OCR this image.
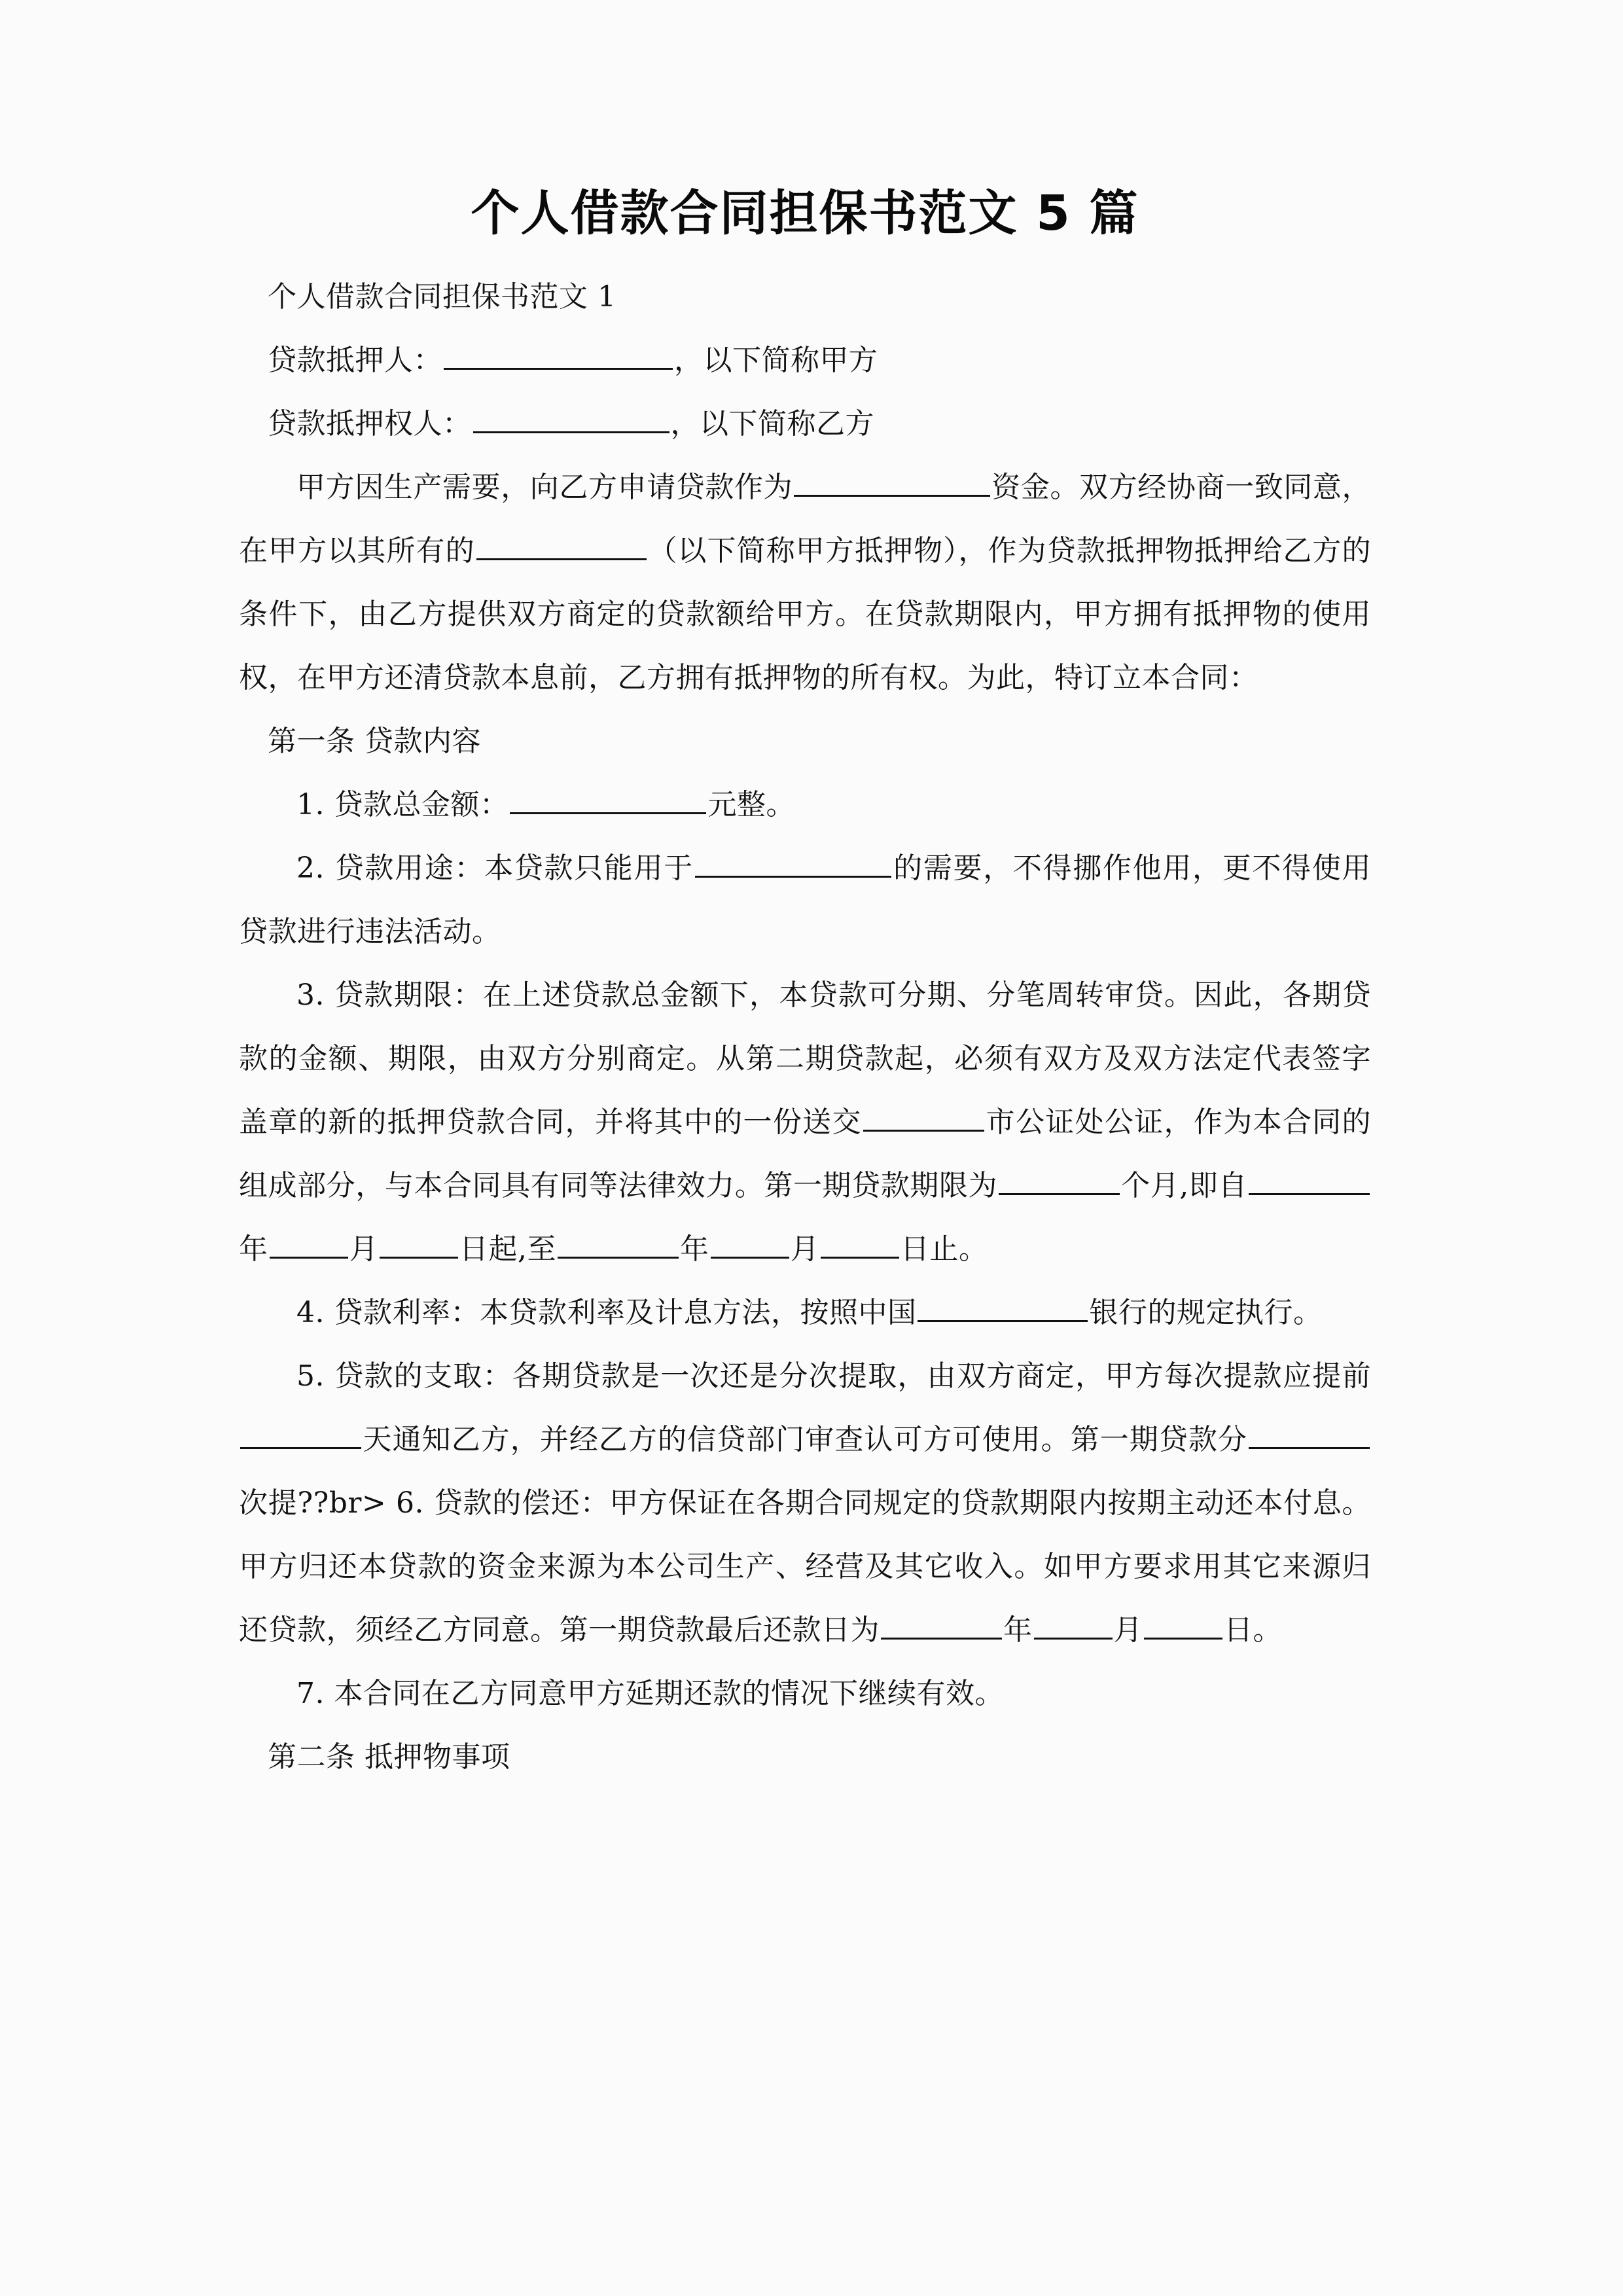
个人借款合同担保书范文 5 篇

个人借款合同担保书范文 1

贷款抵押人：	，以下简称甲方

贷款抵押权人：	，以下简称乙方

甲方因生产需要，向乙方申请贷款作为	资金。双方经协商一致同意，在甲方以其所有的	（以下简称甲方抵押物），作为贷款抵押物抵押给乙方的条件下，由乙方提供双方商定的贷款额给甲方。在贷款期限内，甲方拥有抵押物的使用权，在甲方还清贷款本息前，乙方拥有抵押物的所有权。为此，特订立本合同：

第一条 贷款内容

1. 贷款总金额：	元整。

2. 贷款用途：本贷款只能用于	的需要，不得挪作他用，更不得使用贷款进行违法活动。

3. 贷款期限：在上述贷款总金额下，本贷款可分期、分笔周转审贷。因此，各期贷款的金额、期限，由双方分别商定。从第二期贷款起，必须有双方及双方法定代表签字盖章的新的抵押贷款合同，并将其中的一份送交	市公证处公证，作为本合同的组成部分，与本合同具有同等法律效力。第一期贷款期限为	个月,即自年	月	日起,至	年	月	日止。

4. 贷款利率：本贷款利率及计息方法，按照中国	银行的规定执行。

5. 贷款的支取：各期贷款是一次还是分次提取，由双方商定，甲方每次提款应提前天通知乙方，并经乙方的信贷部门审查认可方可使用。第一期贷款分次提??br> 6. 贷款的偿还：甲方保证在各期合同规定的贷款期限内按期主动还本付息。甲方归还本贷款的资金来源为本公司生产、经营及其它收入。如甲方要求用其它来源归还贷款，须经乙方同意。第一期贷款最后还款日为	年	月	日。

7. 本合同在乙方同意甲方延期还款的情况下继续有效。

第二条 抵押物事项
